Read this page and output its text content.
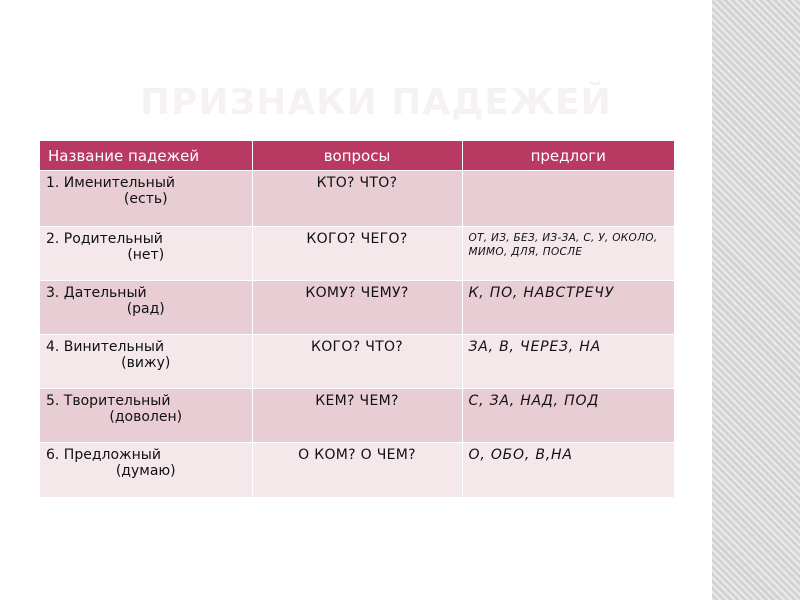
ПРИЗНАКИ ПАДЕЖЕЙ
Название падежей	вопросы	предлоги

1. Именительный
(есть)	КТО? ЧТО?	

2. Родительный
(нет)	КОГО? ЧЕГО?	ОТ, ИЗ, БЕЗ, ИЗ-ЗА, С, У, ОКОЛО, МИМО, ДЛЯ, ПОСЛЕ

3. Дательный
(рад)	КОМУ? ЧЕМУ?	К, ПО, НАВСТРЕЧУ

4. Винительный
(вижу)	КОГО? ЧТО?	ЗА, В, ЧЕРЕЗ, НА

5. Творительный
(доволен)	КЕМ? ЧЕМ?	С, ЗА, НАД, ПОД

6. Предложный
(думаю)	О КОМ? О ЧЕМ?	О, ОБО, В,НА
